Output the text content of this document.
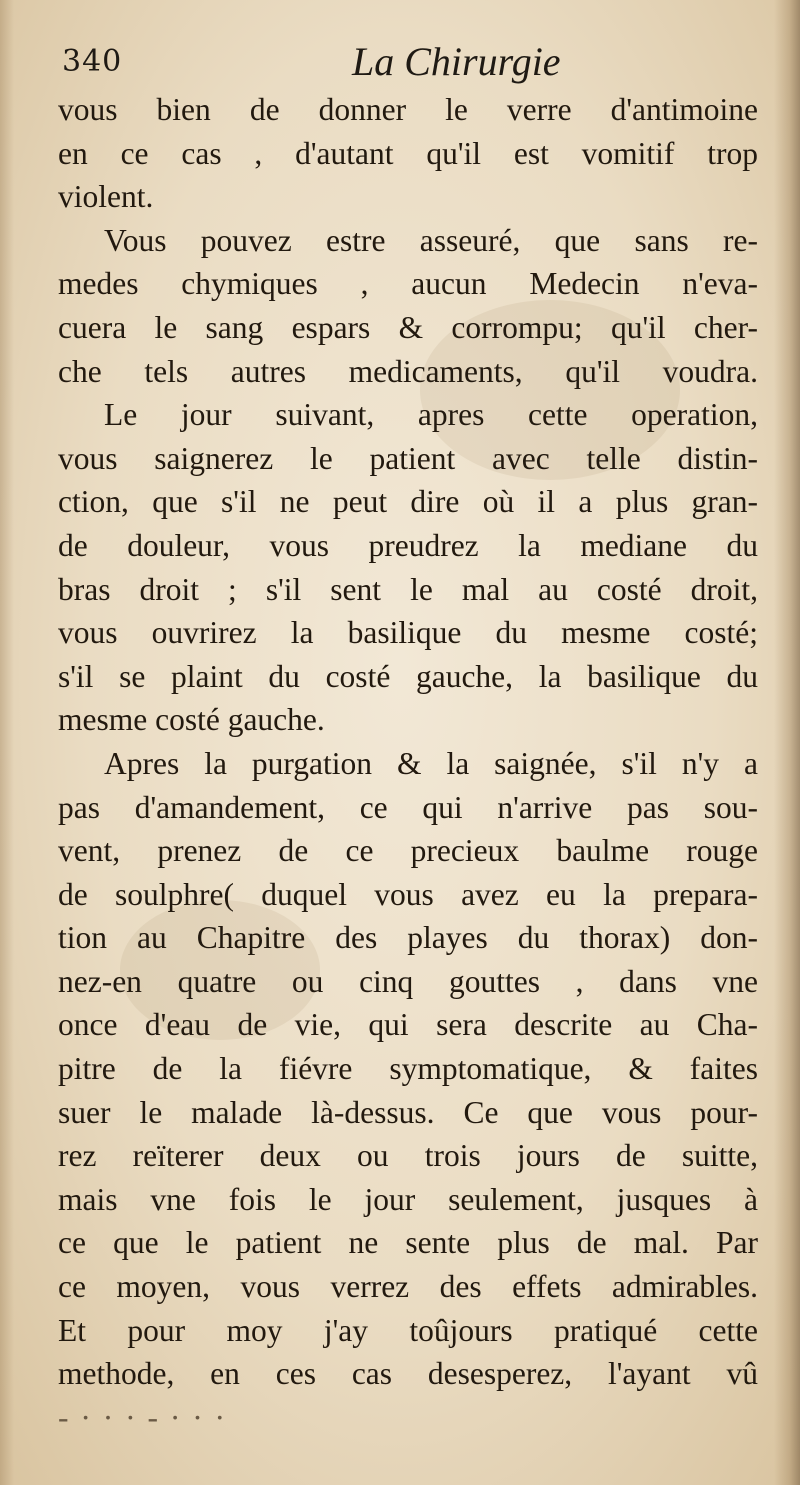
340	La Chirurgie
vous bien de donner le verre d'antimoine
en ce cas , d'autant qu'il est vomitif trop
violent.
Vous pouvez estre asseuré, que sans re-
medes chymiques , aucun Medecin n'eva-
cuera le sang espars & corrompu; qu'il cher-
che tels autres medicaments, qu'il voudra.
Le jour suivant, apres cette operation,
vous saignerez le patient avec telle distin-
ction, que s'il ne peut dire où il a plus gran-
de douleur, vous preudrez la mediane du
bras droit ; s'il sent le mal au costé droit,
vous ouvrirez la basilique du mesme costé;
s'il se plaint du costé gauche, la basilique du
mesme costé gauche.
Apres la purgation & la saignée, s'il n'y a
pas d'amandement, ce qui n'arrive pas sou-
vent, prenez de ce precieux baulme rouge
de soulphre( duquel vous avez eu la prepara-
tion au Chapitre des playes du thorax) don-
nez-en quatre ou cinq gouttes , dans vne
once d'eau de vie, qui sera descrite au Cha-
pitre de la fiévre symptomatique, & faites
suer le malade là-dessus. Ce que vous pour-
rez reïterer deux ou trois jours de suitte,
mais vne fois le jour seulement, jusques à
ce que le patient ne sente plus de mal. Par
ce moyen, vous verrez des effets admirables.
Et pour moy j'ay toûjours pratiqué cette
methode, en ces cas desesperez, l'ayant vû
- · · · - · · ·
